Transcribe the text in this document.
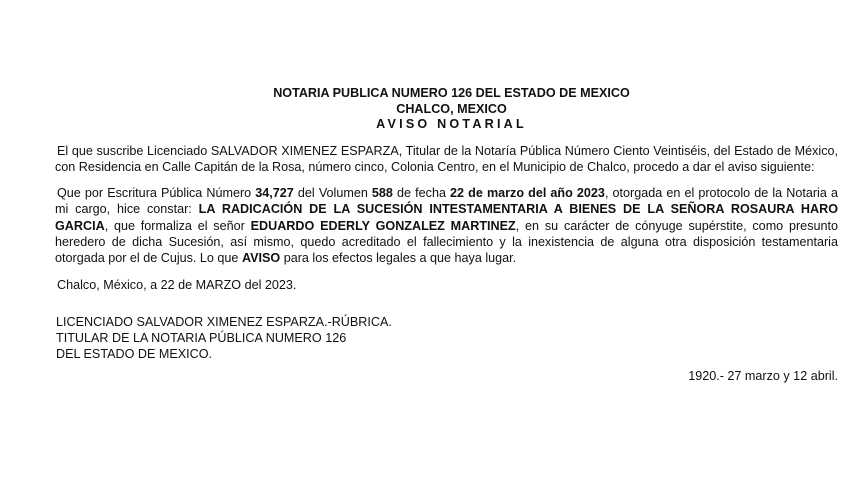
NOTARIA PUBLICA NUMERO 126 DEL ESTADO DE MEXICO
CHALCO, MEXICO
AVISO NOTARIAL

El que suscribe Licenciado SALVADOR XIMENEZ ESPARZA, Titular de la Notaría Pública Número Ciento Veintiséis, del Estado de México, con Residencia en Calle Capitán de la Rosa, número cinco, Colonia Centro, en el Municipio de Chalco, procedo a dar el aviso siguiente:

Que por Escritura Pública Número 34,727 del Volumen 588 de fecha 22 de marzo del año 2023, otorgada en el protocolo de la Notaria a mi cargo, hice constar: LA RADICACIÓN DE LA SUCESIÓN INTESTAMENTARIA A BIENES DE LA SEÑORA ROSAURA HARO GARCIA, que formaliza el señor EDUARDO EDERLY GONZALEZ MARTINEZ, en su carácter de cónyuge supérstite, como presunto heredero de dicha Sucesión, así mismo, quedo acreditado el fallecimiento y la inexistencia de alguna otra disposición testamentaria otorgada por el de Cujus. Lo que AVISO para los efectos legales a que haya lugar.

Chalco, México, a 22 de MARZO del 2023.

LICENCIADO SALVADOR XIMENEZ ESPARZA.-RÚBRICA.
TITULAR DE LA NOTARIA PÚBLICA NUMERO 126
DEL ESTADO DE MEXICO.
1920.- 27 marzo y 12 abril.
